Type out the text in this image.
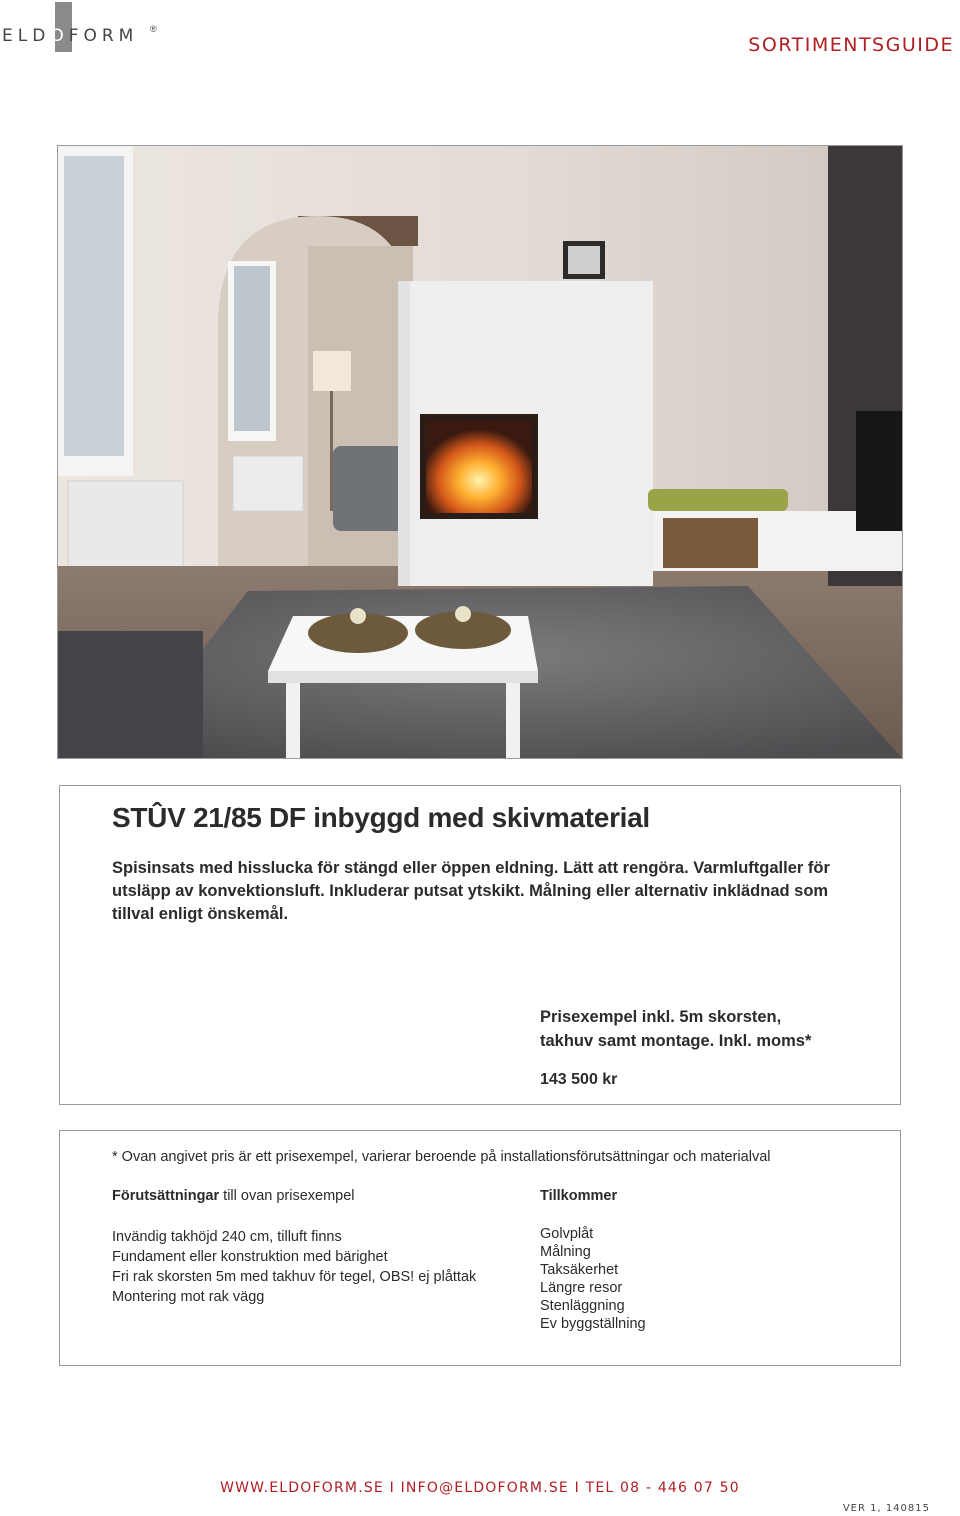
ELDOFORM ®
SORTIMENTSGUIDE
STÛV 21/85 DF inbyggd med skivmaterial
Spisinsats med hisslucka för stängd eller öppen eldning. Lätt att rengöra. Varmluftgaller för utsläpp av konvektionsluft. Inkluderar putsat ytskikt. Målning eller alternativ inklädnad som tillval enligt önskemål.
Prisexempel inkl. 5m skorsten,
takhuv samt montage. Inkl. moms*
143 500 kr
* Ovan angivet pris är ett prisexempel, varierar beroende på installationsförutsättningar och materialval
Förutsättningar till ovan prisexempel
Invändig takhöjd 240 cm, tilluft finns
Fundament eller konstruktion med bärighet
Fri rak skorsten 5m med takhuv för tegel, OBS! ej plåttak
Montering mot rak vägg
Tillkommer
Golvplåt
Målning
Taksäkerhet
Längre resor
Stenläggning
Ev byggställning
WWW.ELDOFORM.SE I INFO@ELDOFORM.SE I TEL 08 - 446 07 50
VER 1, 140815
